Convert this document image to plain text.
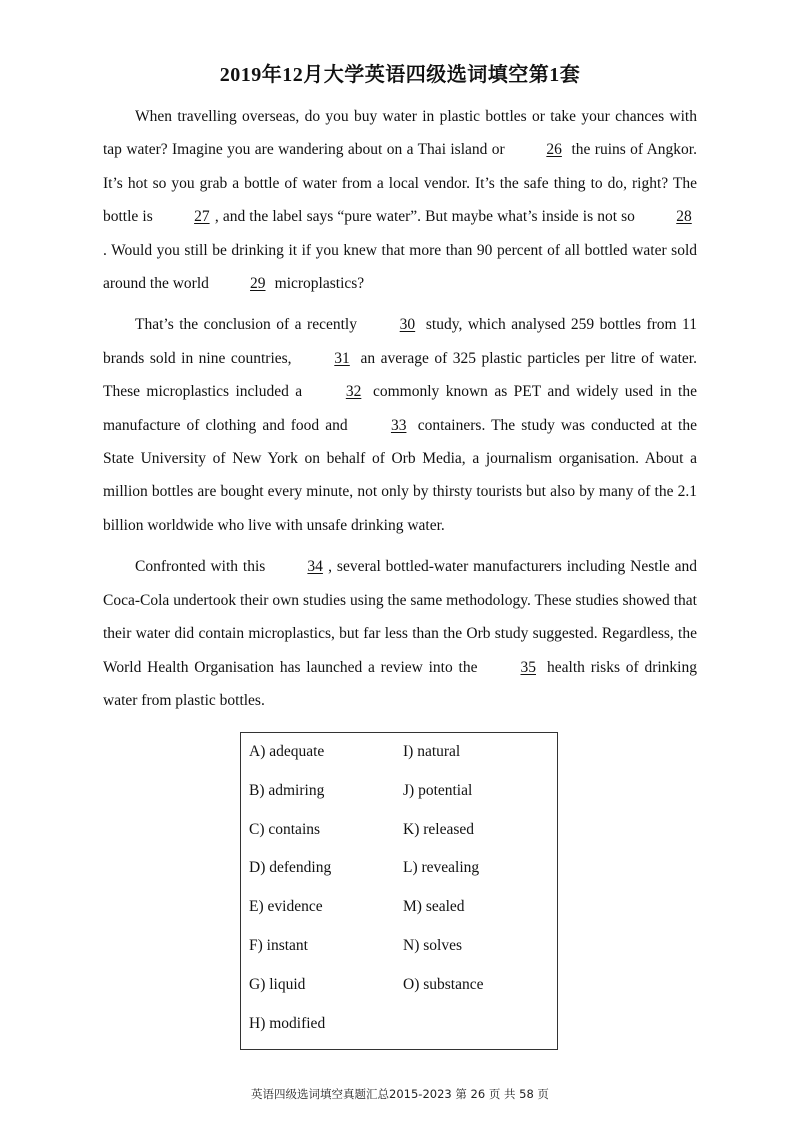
2019年12月大学英语四级选词填空第1套

When travelling overseas, do you buy water in plastic bottles or take your chances with tap water? Imagine you are wandering about on a Thai island or 26 the ruins of Angkor. It’s hot so you grab a bottle of water from a local vendor. It’s the safe thing to do, right? The bottle is 27 , and the label says “pure water”. But maybe what’s inside is not so 28. Would you still be drinking it if you knew that more than 90 percent of all bottled water sold around the world 29 microplastics?

That’s the conclusion of a recently 30 study, which analysed 259 bottles from 11 brands sold in nine countries, 31 an average of 325 plastic particles per litre of water. These microplastics included a 32 commonly known as PET and widely used in the manufacture of clothing and food and 33 containers. The study was conducted at the State University of New York on behalf of Orb Media, a journalism organisation. About a million bottles are bought every minute, not only by thirsty tourists but also by many of the 2.1 billion worldwide who live with unsafe drinking water.

Confronted with this 34 , several bottled-water manufacturers including Nestle and Coca-Cola undertook their own studies using the same methodology. These studies showed that their water did contain microplastics, but far less than the Orb study suggested. Regardless, the World Health Organisation has launched a review into the 35 health risks of drinking water from plastic bottles.

A) adequate	I) natural
B) admiring	J) potential
C) contains	K) released
D) defending	L) revealing
E) evidence	M) sealed
F) instant	N) solves
G) liquid	O) substance
H) modified
英语四级选词填空真题汇总2015-2023 第 26 页 共 58 页
